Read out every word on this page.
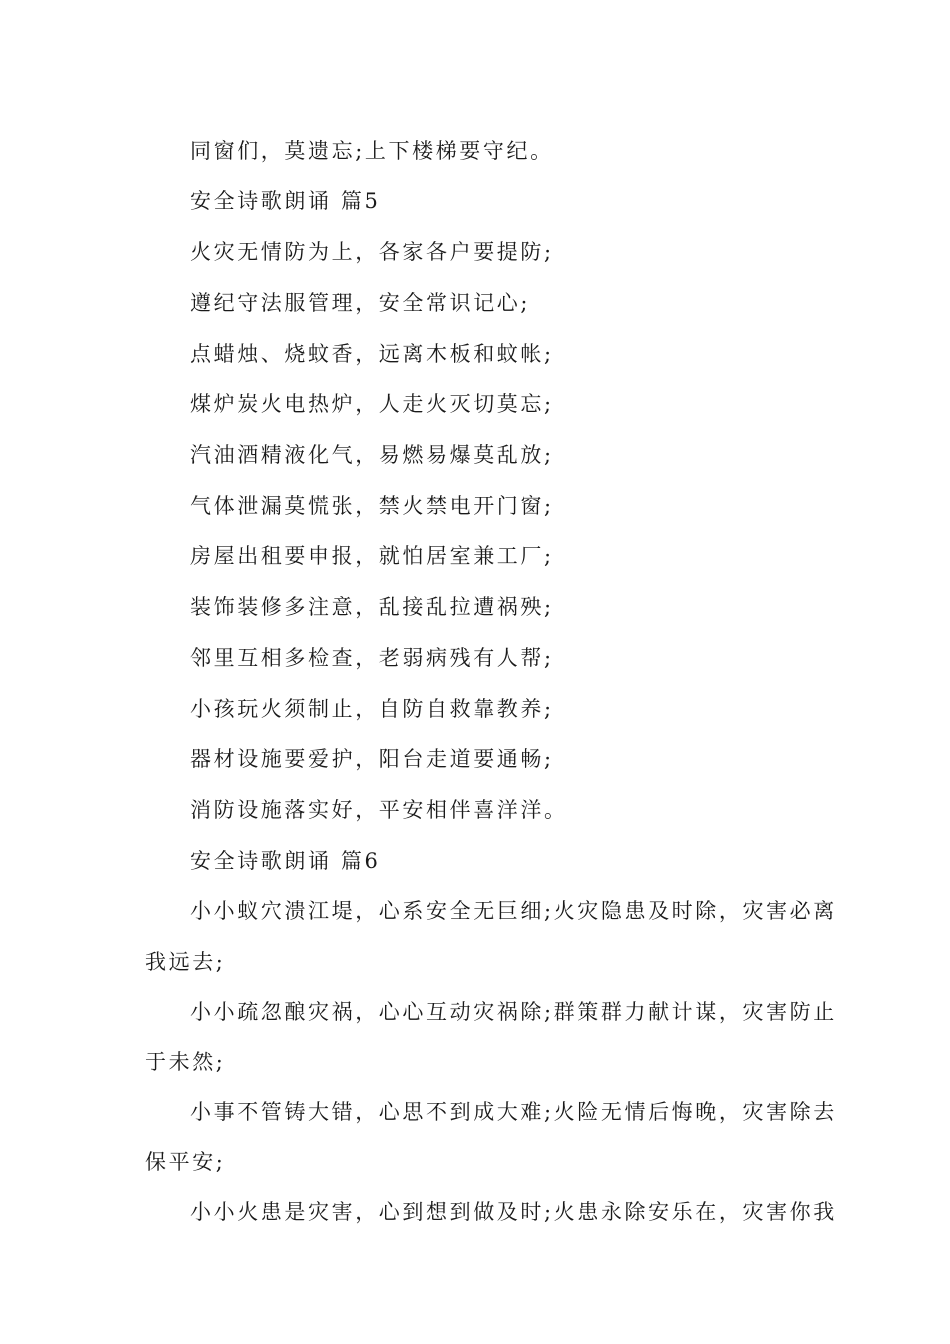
同窗们，莫遗忘;上下楼梯要守纪。
安全诗歌朗诵 篇5
火灾无情防为上，各家各户要提防;
遵纪守法服管理，安全常识记心;
点蜡烛、烧蚊香，远离木板和蚊帐;
煤炉炭火电热炉，人走火灭切莫忘;
汽油酒精液化气，易燃易爆莫乱放;
气体泄漏莫慌张，禁火禁电开门窗;
房屋出租要申报，就怕居室兼工厂;
装饰装修多注意，乱接乱拉遭祸殃;
邻里互相多检查，老弱病残有人帮;
小孩玩火须制止，自防自救靠教养;
器材设施要爱护，阳台走道要通畅;
消防设施落实好，平安相伴喜洋洋。
安全诗歌朗诵 篇6
小小蚁穴溃江堤，心系安全无巨细;火灾隐患及时除，灾害必离
我远去;
小小疏忽酿灾祸，心心互动灾祸除;群策群力献计谋，灾害防止
于未然;
小事不管铸大错，心思不到成大难;火险无情后悔晚，灾害除去
保平安;
小小火患是灾害，心到想到做及时;火患永除安乐在，灾害你我
